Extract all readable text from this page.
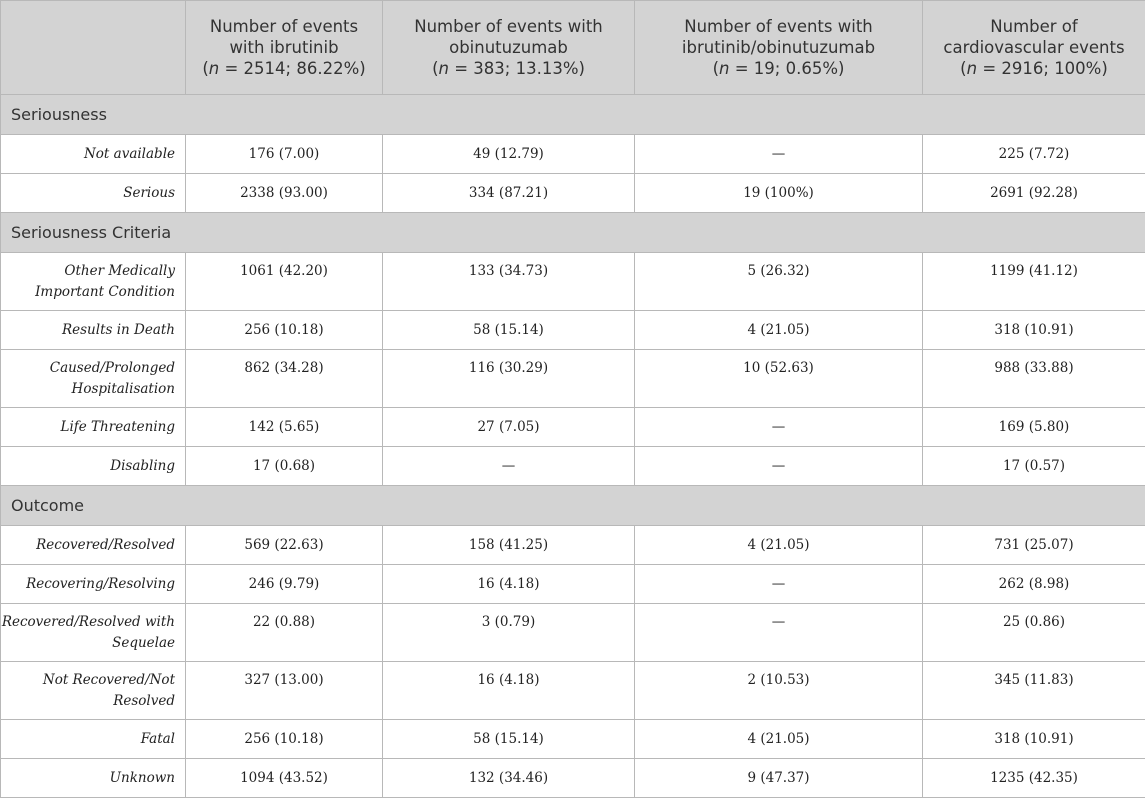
	Number of events
with ibrutinib
(n = 2514; 86.22%)	Number of events with
obinutuzumab
(n = 383; 13.13%)	Number of events with
ibrutinib/obinutuzumab
(n = 19; 0.65%)	Number of
cardiovascular events
(n = 2916; 100%)
Seriousness				
Not available	176 (7.00)	49 (12.79)	—	225 (7.72)
Serious	2338 (93.00)	334 (87.21)	19 (100%)	2691 (92.28)
Seriousness Criteria				
Other Medically
Important Condition	1061 (42.20)	133 (34.73)	5 (26.32)	1199 (41.12)
Results in Death	256 (10.18)	58 (15.14)	4 (21.05)	318 (10.91)
Caused/Prolonged
Hospitalisation	862 (34.28)	116 (30.29)	10 (52.63)	988 (33.88)
Life Threatening	142 (5.65)	27 (7.05)	—	169 (5.80)
Disabling	17 (0.68)	—	—	17 (0.57)
Outcome				
Recovered/Resolved	569 (22.63)	158 (41.25)	4 (21.05)	731 (25.07)
Recovering/Resolving	246 (9.79)	16 (4.18)	—	262 (8.98)
Recovered/Resolved with
Sequelae	22 (0.88)	3 (0.79)	—	25 (0.86)
Not Recovered/Not
Resolved	327 (13.00)	16 (4.18)	2 (10.53)	345 (11.83)
Fatal	256 (10.18)	58 (15.14)	4 (21.05)	318 (10.91)
Unknown	1094 (43.52)	132 (34.46)	9 (47.37)	1235 (42.35)
